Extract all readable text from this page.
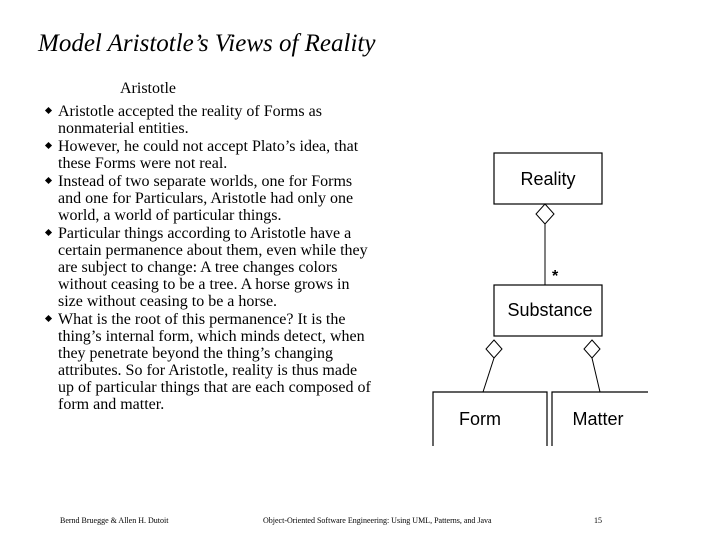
Model Aristotle’s Views of Reality
Aristotle
Aristotle accepted the reality of Forms as nonmaterial entities.
However, he could not accept Plato’s idea, that these Forms were not real.
Instead of two separate worlds, one for Forms and one for Particulars, Aristotle had only one world, a world of particular things.
Particular things according to Aristotle have a certain permanence about them, even while they are subject to change: A tree changes colors without ceasing to be a tree. A horse grows in size without ceasing to be a horse.
What is the root of this permanence? It is the thing’s internal form, which minds detect, when they penetrate beyond the thing’s changing attributes. So for Aristotle, reality is thus made up of particular things that are each composed of form and matter.
Reality
*
Substance
Form	Matter
Bernd Bruegge & Allen H. Dutoit	Object-Oriented Software Engineering: Using UML, Patterns, and Java	15
